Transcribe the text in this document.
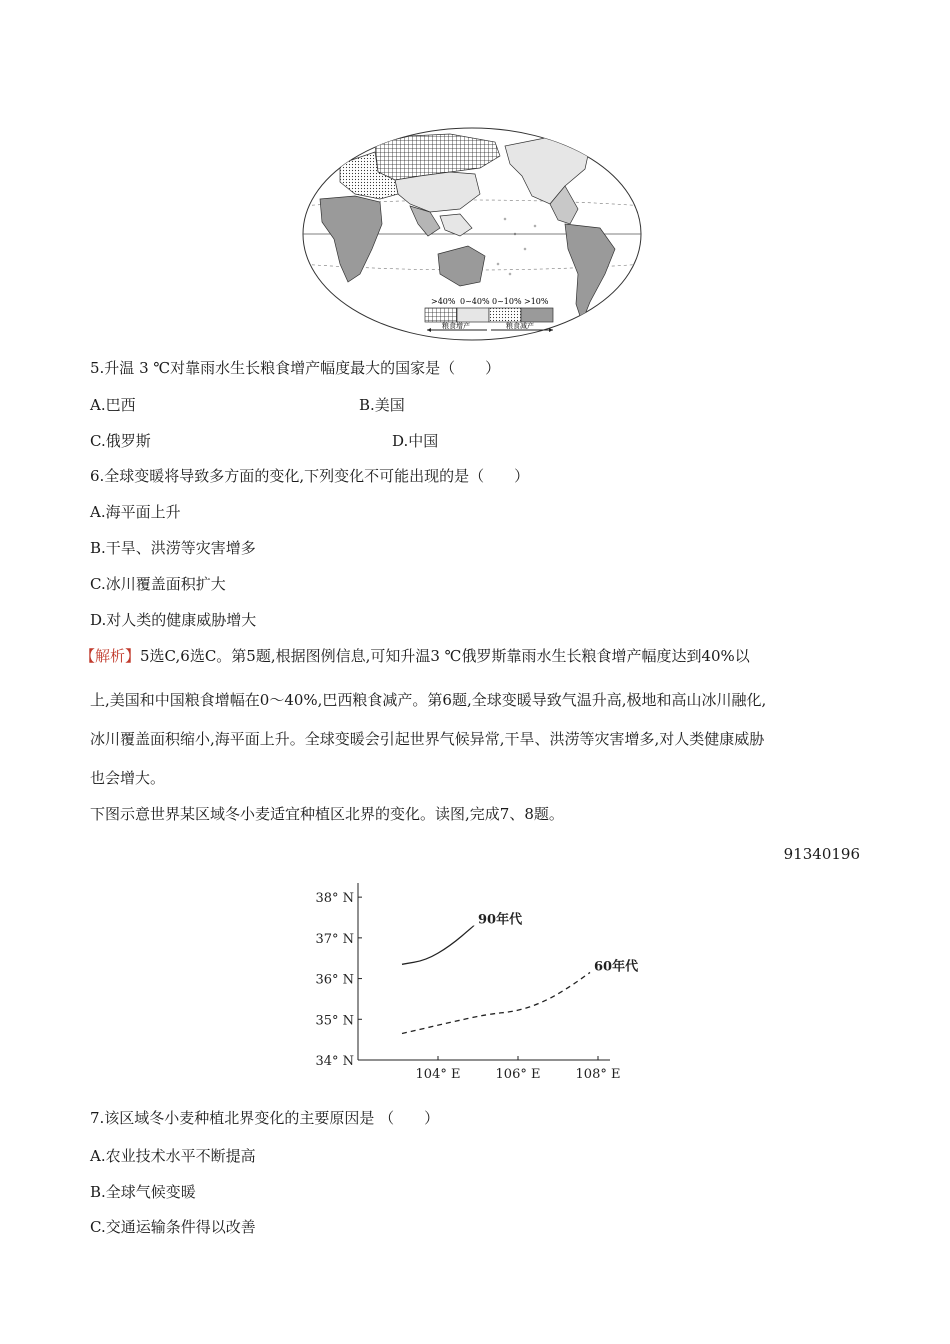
>40% 0~40% 0~10% >10%
粮食增产	粮食减产
5.升温 3 ℃对靠雨水生长粮食增产幅度最大的国家是（　　）
A.巴西	B.美国
C.俄罗斯	D.中国
6.全球变暖将导致多方面的变化,下列变化不可能出现的是（　　）
A.海平面上升
B.干旱、洪涝等灾害增多
C.冰川覆盖面积扩大
D.对人类的健康威胁增大
【解析】5选C,6选C。第5题,根据图例信息,可知升温3 ℃俄罗斯靠雨水生长粮食增产幅度达到40%以
上,美国和中国粮食增幅在0～40%,巴西粮食减产。第6题,全球变暖导致气温升高,极地和高山冰川融化,
冰川覆盖面积缩小,海平面上升。全球变暖会引起世界气候异常,干旱、洪涝等灾害增多,对人类健康威胁
也会增大。
下图示意世界某区域冬小麦适宜种植区北界的变化。读图,完成7、8题。
91340196
34° N
35° N
36° N
37° N
38° N
104° E	106° E	108° E
90年代
60年代
7.该区域冬小麦种植北界变化的主要原因是 （　　）
A.农业技术水平不断提高
B.全球气候变暖
C.交通运输条件得以改善
